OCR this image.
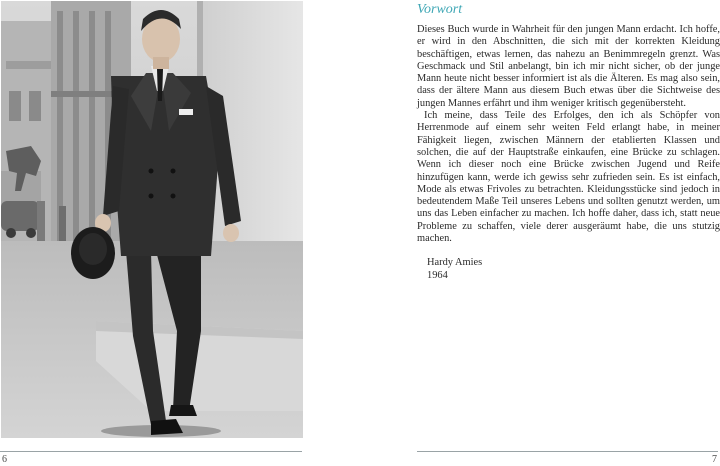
6
Vorwort

Dieses Buch wurde in Wahrheit für den jungen Mann erdacht. Ich hoffe, er wird in den Abschnitten, die sich mit der korrekten Kleidung beschäftigen, etwas lernen, das nahezu an Benimmregeln grenzt. Was Geschmack und Stil anbelangt, bin ich mir nicht sicher, ob der junge Mann heute nicht besser informiert ist als die Älteren. Es mag also sein, dass der ältere Mann aus diesem Buch etwas über die Sichtweise des jungen Mannes erfährt und ihm weniger kritisch gegenübersteht.

Ich meine, dass Teile des Erfolges, den ich als Schöpfer von Herrenmode auf einem sehr weiten Feld erlangt habe, in meiner Fähigkeit liegen, zwischen Männern der etablierten Klassen und solchen, die auf der Hauptstraße einkaufen, eine Brücke zu schlagen. Wenn ich dieser noch eine Brücke zwischen Jugend und Reife hinzufügen kann, werde ich gewiss sehr zufrieden sein. Es ist einfach, Mode als etwas Frivoles zu betrachten. Kleidungsstücke sind jedoch in bedeutendem Maße Teil unseres Lebens und sollten genutzt werden, um uns das Leben einfacher zu machen. Ich hoffe daher, dass ich, statt neue Probleme zu schaffen, viele derer ausgeräumt habe, die uns stutzig machen.

Hardy Amies
1964
7
